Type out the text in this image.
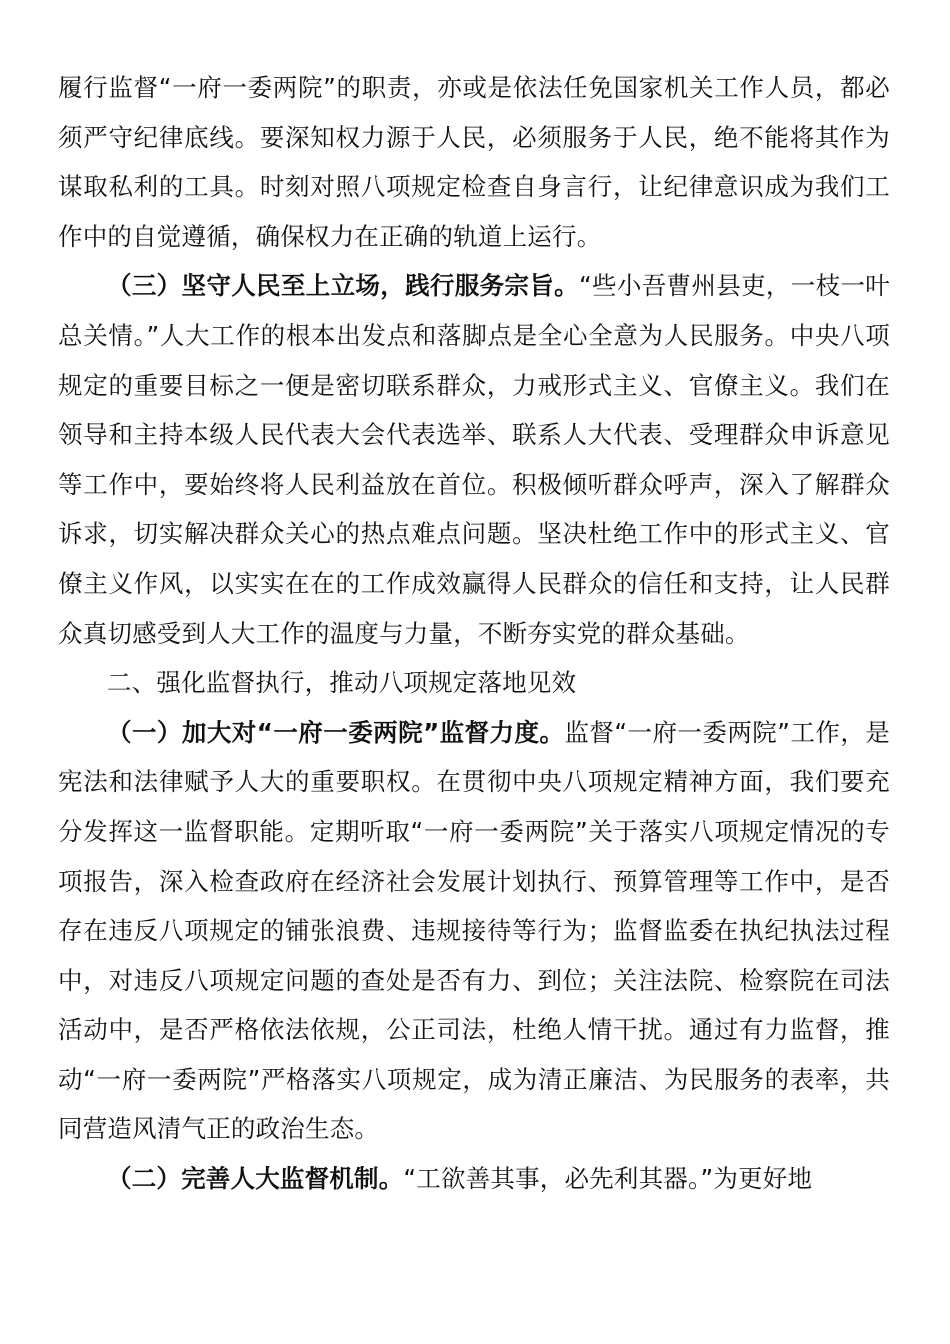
履行监督“一府一委两院”的职责，亦或是依法任免国家机关工作人员，都必须严守纪律底线。要深知权力源于人民，必须服务于人民，绝不能将其作为谋取私利的工具。时刻对照八项规定检查自身言行，让纪律意识成为我们工作中的自觉遵循，确保权力在正确的轨道上运行。

（三）坚守人民至上立场，践行服务宗旨。“些小吾曹州县吏，一枝一叶总关情。”人大工作的根本出发点和落脚点是全心全意为人民服务。中央八项规定的重要目标之一便是密切联系群众，力戒形式主义、官僚主义。我们在领导和主持本级人民代表大会代表选举、联系人大代表、受理群众申诉意见等工作中，要始终将人民利益放在首位。积极倾听群众呼声，深入了解群众诉求，切实解决群众关心的热点难点问题。坚决杜绝工作中的形式主义、官僚主义作风，以实实在在的工作成效赢得人民群众的信任和支持，让人民群众真切感受到人大工作的温度与力量，不断夯实党的群众基础。

二、强化监督执行，推动八项规定落地见效

（一）加大对“一府一委两院”监督力度。监督“一府一委两院”工作，是宪法和法律赋予人大的重要职权。在贯彻中央八项规定精神方面，我们要充分发挥这一监督职能。定期听取“一府一委两院”关于落实八项规定情况的专项报告，深入检查政府在经济社会发展计划执行、预算管理等工作中，是否存在违反八项规定的铺张浪费、违规接待等行为；监督监委在执纪执法过程中，对违反八项规定问题的查处是否有力、到位；关注法院、检察院在司法活动中，是否严格依法依规，公正司法，杜绝人情干扰。通过有力监督，推动“一府一委两院”严格落实八项规定，成为清正廉洁、为民服务的表率，共同营造风清气正的政治生态。

（二）完善人大监督机制。“工欲善其事，必先利其器。”为更好地
